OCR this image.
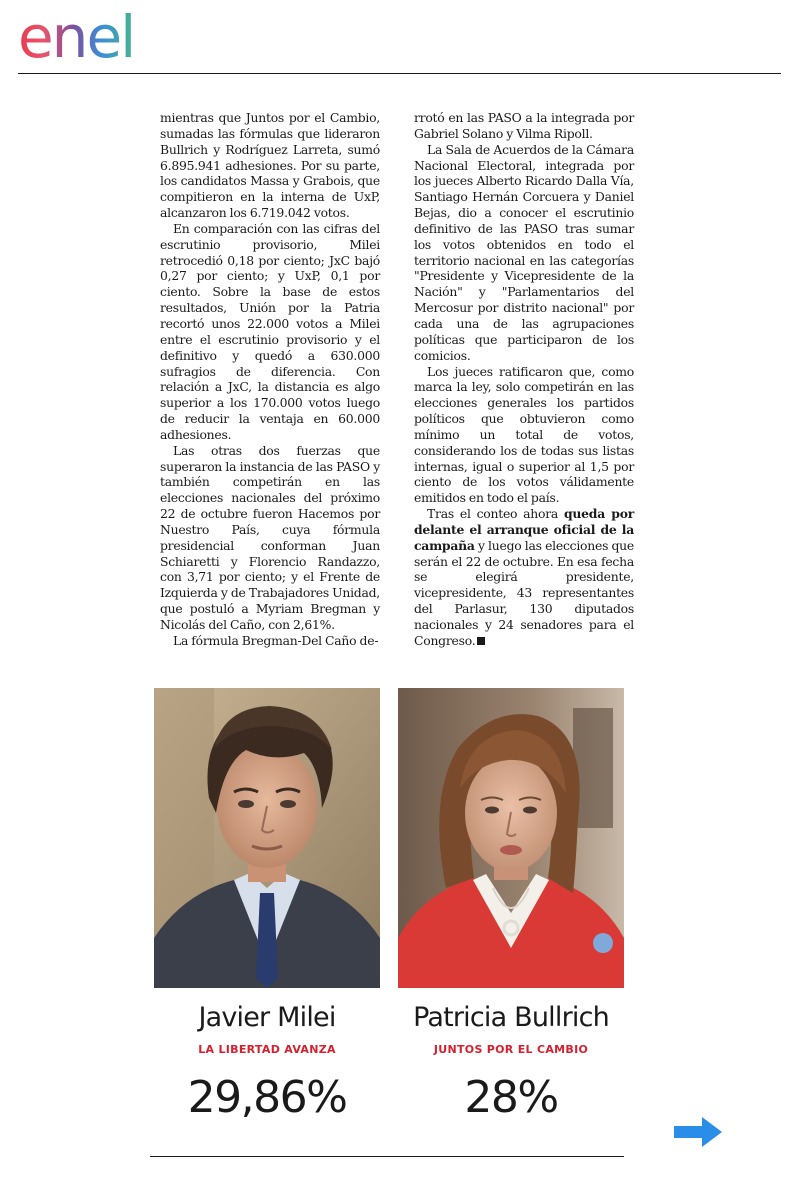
enel

mientras que Juntos por el Cambio, sumadas las fórmulas que lideraron Bullrich y Rodríguez Larreta, sumó 6.895.941 adhesiones. Por su parte, los candidatos Massa y Grabois, que compitieron en la interna de UxP, alcanzaron los 6.719.042 votos.

En comparación con las cifras del escrutinio provisorio, Milei retrocedió 0,18 por ciento; JxC bajó 0,27 por ciento; y UxP, 0,1 por ciento. Sobre la base de estos resultados, Unión por la Patria recortó unos 22.000 votos a Milei entre el escrutinio provisorio y el definitivo y quedó a 630.000 sufragios de diferencia. Con relación a JxC, la distancia es algo superior a los 170.000 votos luego de reducir la ventaja en 60.000 adhesiones.

Las otras dos fuerzas que superaron la instancia de las PASO y también competirán en las elecciones nacionales del próximo 22 de octubre fueron Hacemos por Nuestro País, cuya fórmula presidencial conforman Juan Schiaretti y Florencio Randazzo, con 3,71 por ciento; y el Frente de Izquierda y de Trabajadores Unidad, que postuló a Myriam Bregman y Nicolás del Caño, con 2,61%.

La fórmula Bregman-Del Caño de-

rrotó en las PASO a la integrada por Gabriel Solano y Vilma Ripoll.

La Sala de Acuerdos de la Cámara Nacional Electoral, integrada por los jueces Alberto Ricardo Dalla Vía, Santiago Hernán Corcuera y Daniel Bejas, dio a conocer el escrutinio definitivo de las PASO tras sumar los votos obtenidos en todo el territorio nacional en las categorías "Presidente y Vicepresidente de la Nación" y "Parlamentarios del Mercosur por distrito nacional" por cada una de las agrupaciones políticas que participaron de los comicios.

Los jueces ratificaron que, como marca la ley, solo competirán en las elecciones generales los partidos políticos que obtuvieron como mínimo un total de votos, considerando los de todas sus listas internas, igual o superior al 1,5 por ciento de los votos válidamente emitidos en todo el país.

Tras el conteo ahora queda por delante el arranque oficial de la campaña y luego las elecciones que serán el 22 de octubre. En esa fecha se elegirá presidente, vicepresidente, 43 representantes del Parlasur, 130 diputados nacionales y 24 senadores para el Congreso.

Javier Milei
LA LIBERTAD AVANZA
29,86%
Patricia Bullrich
JUNTOS POR EL CAMBIO
28%
